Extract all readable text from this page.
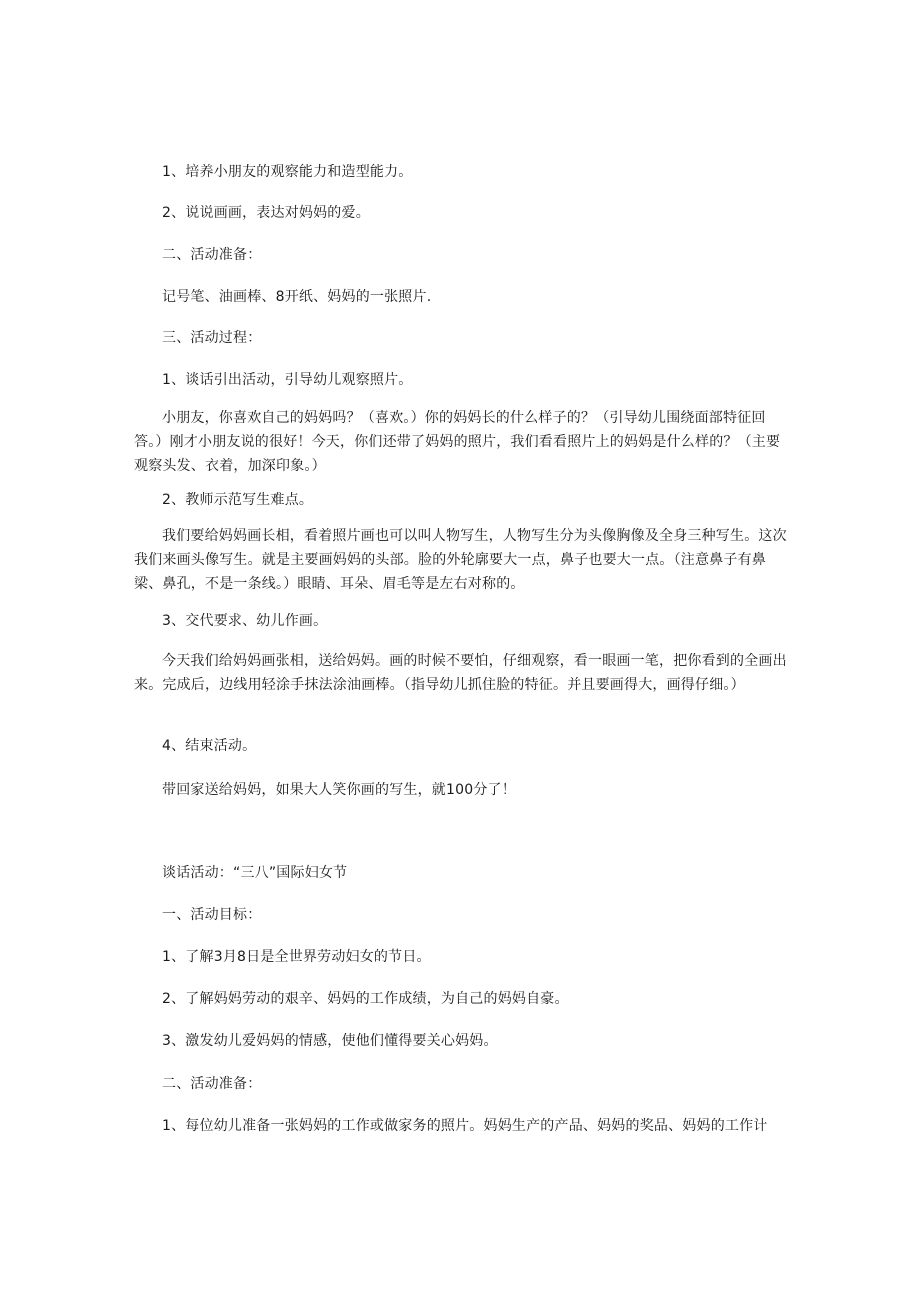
1、培养小朋友的观察能力和造型能力。

2、说说画画，表达对妈妈的爱。

二、活动准备：

记号笔、油画棒、8开纸、妈妈的一张照片.

三、活动过程：

1、谈话引出活动，引导幼儿观察照片。

小朋友，你喜欢自己的妈妈吗？（喜欢。）你的妈妈长的什么样子的？（引导幼儿围绕面部特征回答。）刚才小朋友说的很好！今天，你们还带了妈妈的照片，我们看看照片上的妈妈是什么样的？（主要观察头发、衣着，加深印象。）

2、教师示范写生难点。

我们要给妈妈画长相，看着照片画也可以叫人物写生，人物写生分为头像胸像及全身三种写生。这次我们来画头像写生。就是主要画妈妈的头部。脸的外轮廓要大一点，鼻子也要大一点。（注意鼻子有鼻梁、鼻孔，不是一条线。）眼睛、耳朵、眉毛等是左右对称的。

3、交代要求、幼儿作画。

今天我们给妈妈画张相，送给妈妈。画的时候不要怕，仔细观察，看一眼画一笔，把你看到的全画出来。完成后，边线用轻涂手抹法涂油画棒。（指导幼儿抓住脸的特征。并且要画得大，画得仔细。）

4、结束活动。

带回家送给妈妈，如果大人笑你画的写生，就100分了！

谈话活动：“三八”国际妇女节

一、活动目标：

1、了解3月8日是全世界劳动妇女的节日。

2、了解妈妈劳动的艰辛、妈妈的工作成绩，为自己的妈妈自豪。

3、激发幼儿爱妈妈的情感，使他们懂得要关心妈妈。

二、活动准备：

1、每位幼儿准备一张妈妈的工作或做家务的照片。妈妈生产的产品、妈妈的奖品、妈妈的工作计
